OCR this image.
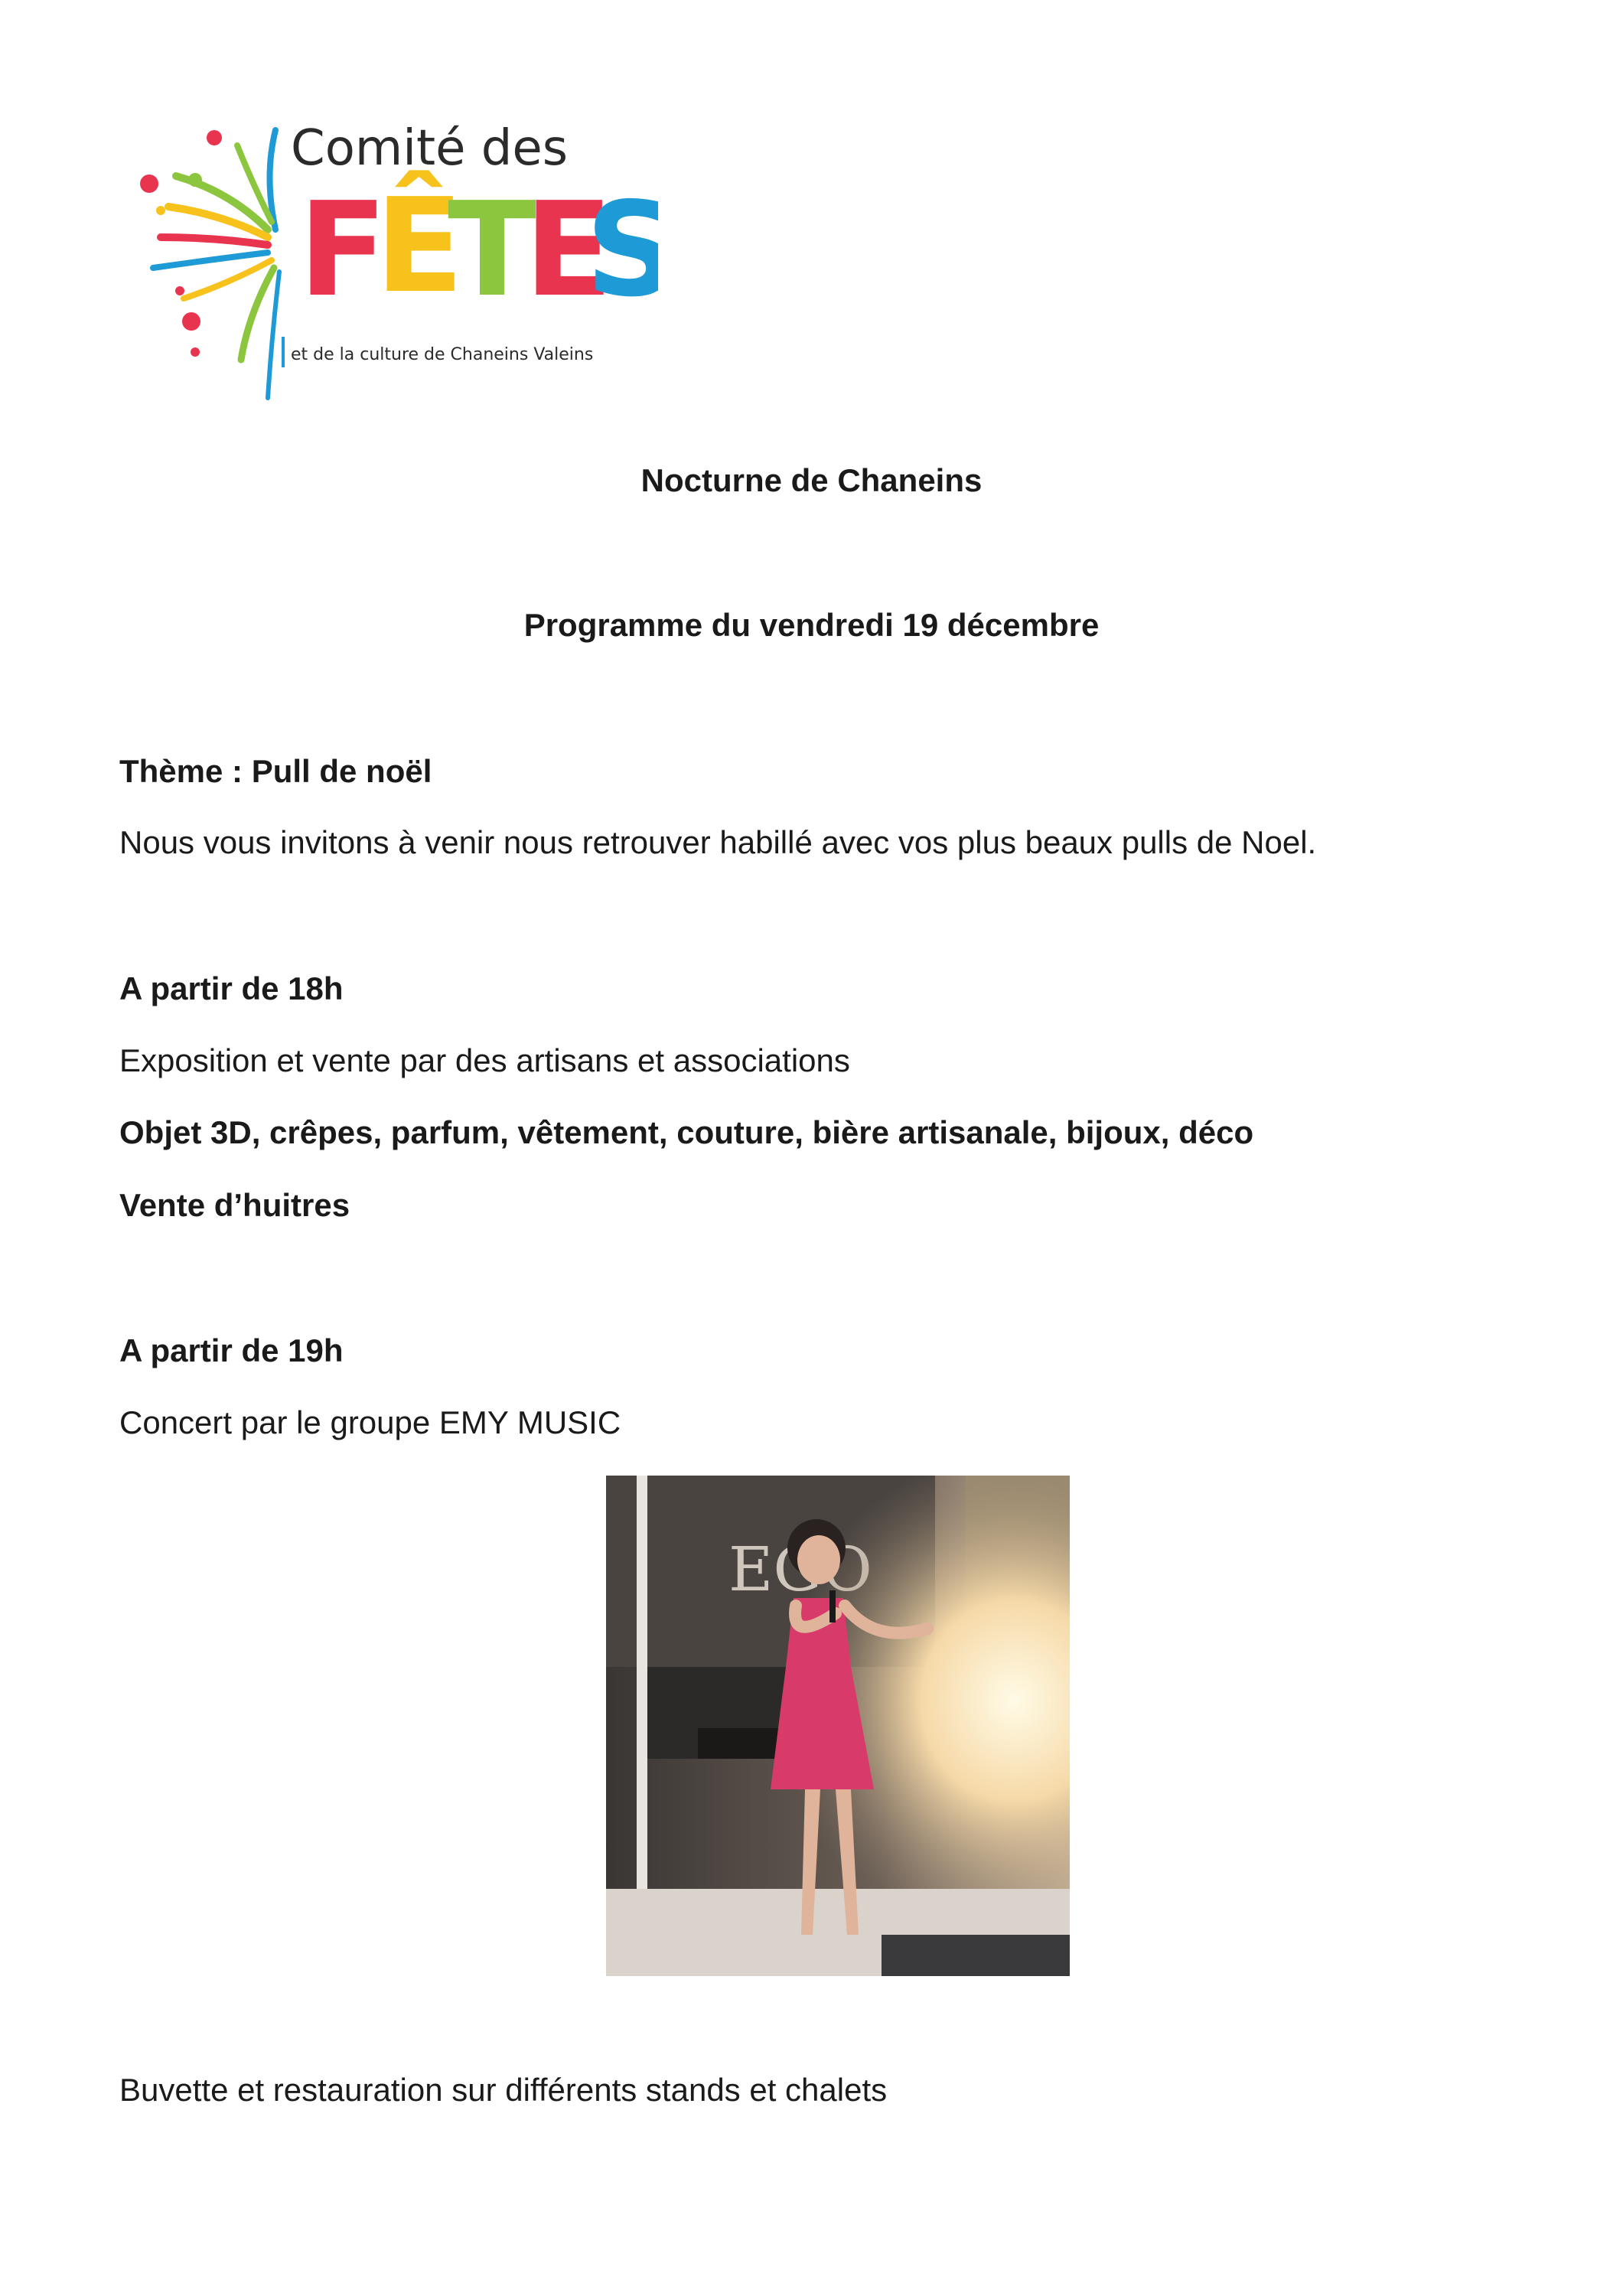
Comité des
F
Ê
T
E
S
et de la culture de Chaneins Valeins
Nocturne de Chaneins
Programme du vendredi 19 décembre
Thème : Pull de noël
Nous vous invitons à venir nous retrouver habillé avec vos plus beaux pulls de Noel.
A partir de 18h
Exposition et vente par des artisans et associations
Objet 3D, crêpes, parfum, vêtement, couture, bière artisanale, bijoux, déco
Vente d’huitres
A partir de 19h
Concert par le groupe EMY MUSIC
Buvette et restauration sur différents stands et chalets
